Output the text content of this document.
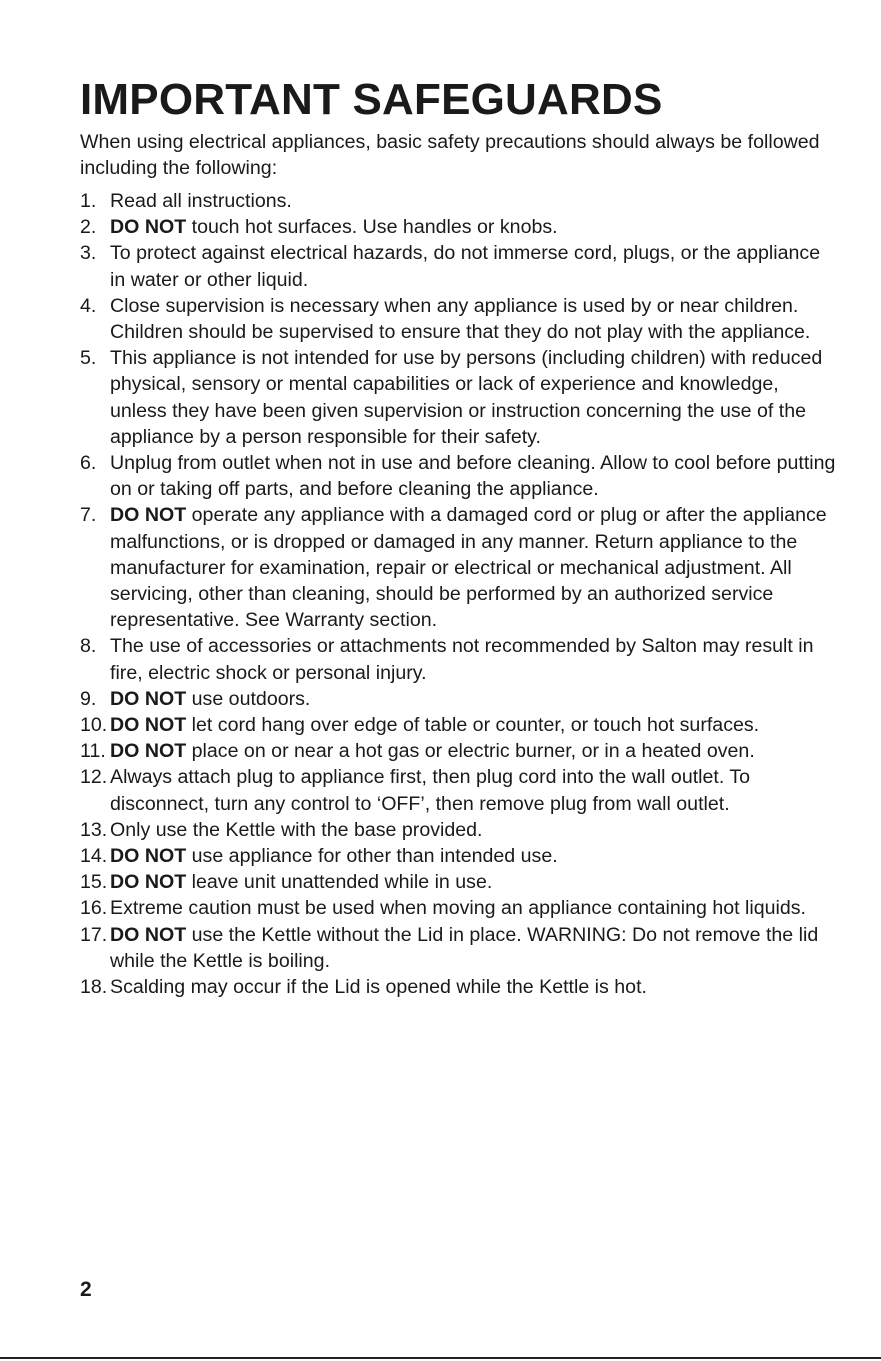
IMPORTANT SAFEGUARDS
When using electrical appliances, basic safety precautions should always be followed including the following:
1. Read all instructions.
2. DO NOT touch hot surfaces. Use handles or knobs.
3. To protect against electrical hazards, do not immerse cord, plugs, or the appliance in water or other liquid.
4. Close supervision is necessary when any appliance is used by or near children. Children should be supervised to ensure that they do not play with the appliance.
5. This appliance is not intended for use by persons (including children) with reduced physical, sensory or mental capabilities or lack of experience and knowledge, unless they have been given supervision or instruction concerning the use of the appliance by a person responsible for their safety.
6. Unplug from outlet when not in use and before cleaning. Allow to cool before putting on or taking off parts, and before cleaning the appliance.
7. DO NOT operate any appliance with a damaged cord or plug or after the appliance malfunctions, or is dropped or damaged in any manner. Return appliance to the manufacturer for examination, repair or electrical or mechanical adjustment. All servicing, other than cleaning, should be performed by an authorized service representative. See Warranty section.
8. The use of accessories or attachments not recommended by Salton may result in fire, electric shock or personal injury.
9. DO NOT use outdoors.
10. DO NOT let cord hang over edge of table or counter, or touch hot surfaces.
11. DO NOT place on or near a hot gas or electric burner, or in a heated oven.
12. Always attach plug to appliance first, then plug cord into the wall outlet. To disconnect, turn any control to ‘OFF’, then remove plug from wall outlet.
13. Only use the Kettle with the base provided.
14. DO NOT use appliance for other than intended use.
15. DO NOT leave unit unattended while in use.
16. Extreme caution must be used when moving an appliance containing hot liquids.
17. DO NOT use the Kettle without the Lid in place. WARNING: Do not remove the lid while the Kettle is boiling.
18. Scalding may occur if the Lid is opened while the Kettle is hot.
2
